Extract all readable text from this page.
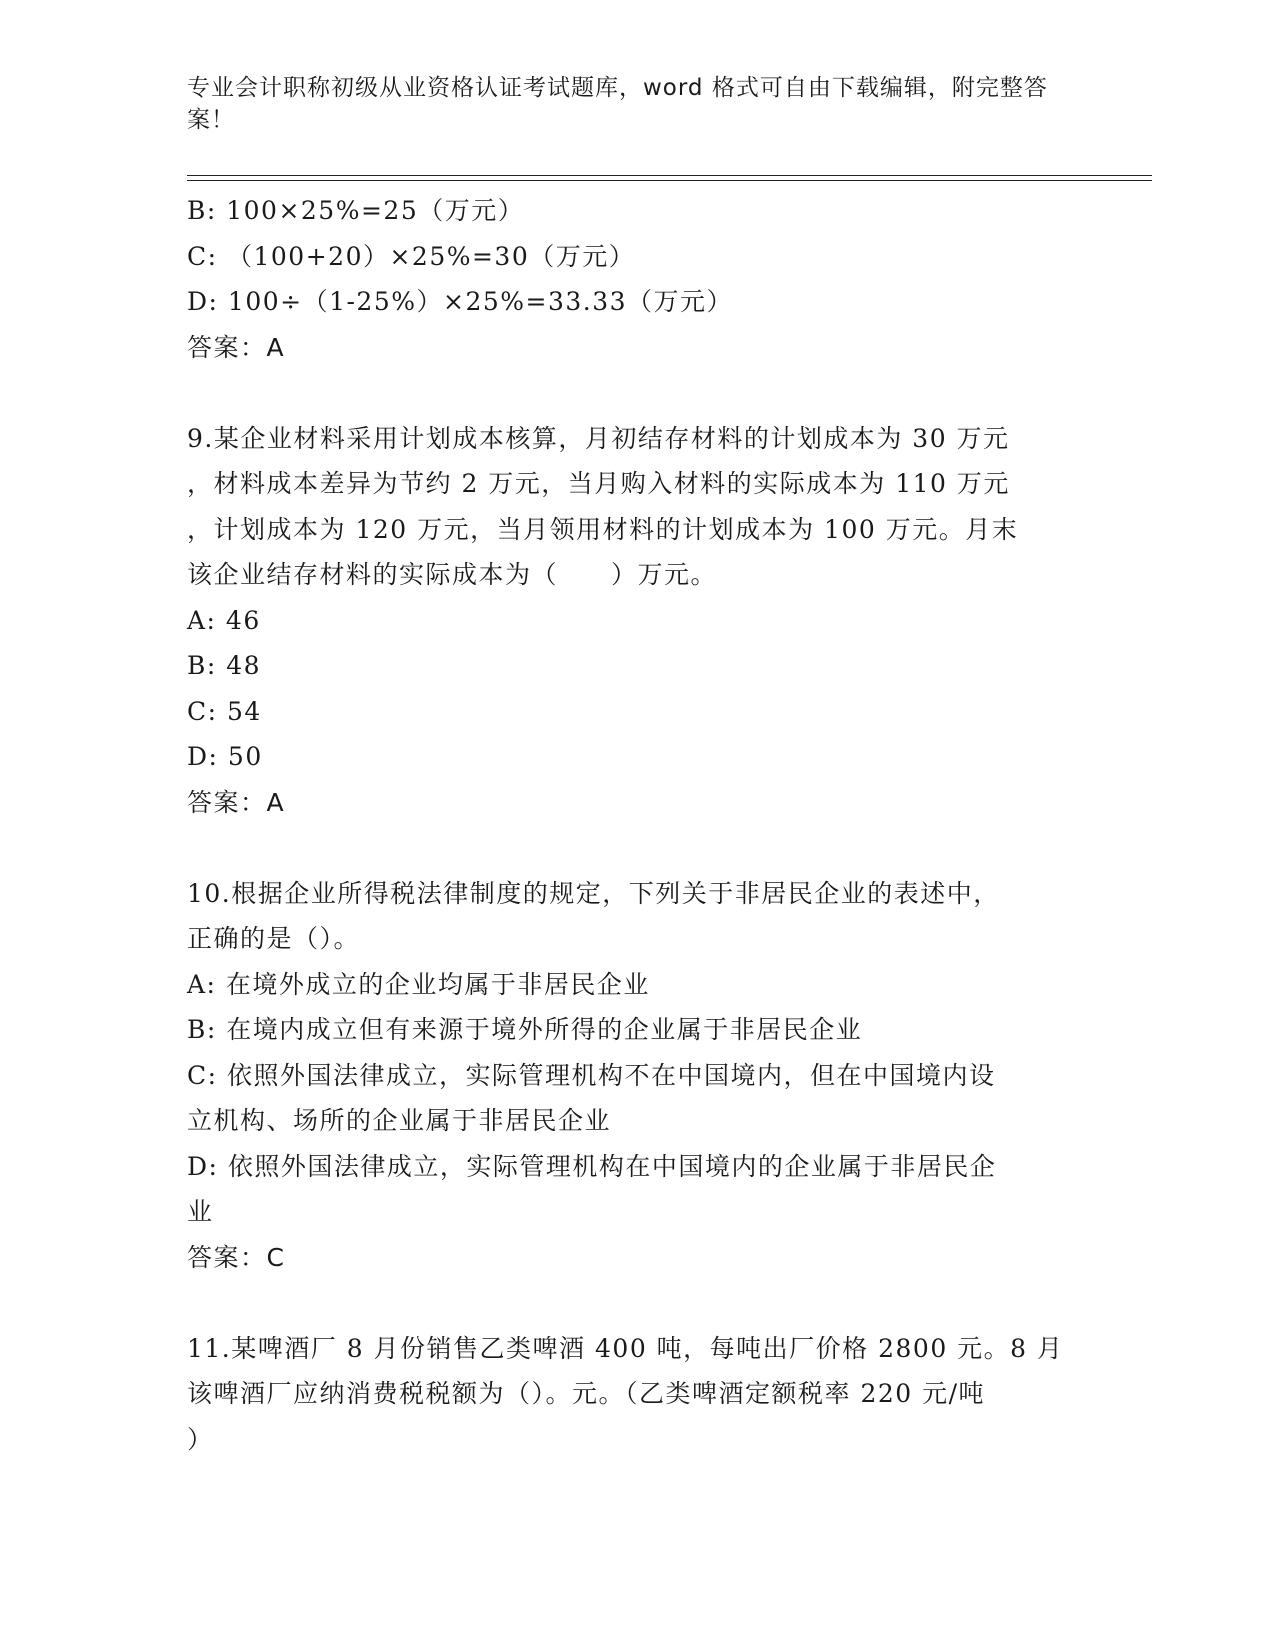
专业会计职称初级从业资格认证考试题库，word 格式可自由下载编辑，附完整答
案！
B: 100×25%=25（万元）
C: （100+20）×25%=30（万元）
D: 100÷（1-25%）×25%=33.33（万元）
答案：A
9.某企业材料采用计划成本核算，月初结存材料的计划成本为 30 万元
，材料成本差异为节约 2 万元，当月购入材料的实际成本为 110 万元
，计划成本为 120 万元，当月领用材料的计划成本为 100 万元。月末
该企业结存材料的实际成本为（　　）万元。
A: 46
B: 48
C: 54
D: 50
答案：A
10.根据企业所得税法律制度的规定，下列关于非居民企业的表述中，
正确的是（）。
A: 在境外成立的企业均属于非居民企业
B: 在境内成立但有来源于境外所得的企业属于非居民企业
C: 依照外国法律成立，实际管理机构不在中国境内，但在中国境内设
立机构、场所的企业属于非居民企业
D: 依照外国法律成立，实际管理机构在中国境内的企业属于非居民企
业
答案：C
11.某啤酒厂 8 月份销售乙类啤酒 400 吨，每吨出厂价格 2800 元。8 月
该啤酒厂应纳消费税税额为（）。元。（乙类啤酒定额税率 220 元/吨
）
